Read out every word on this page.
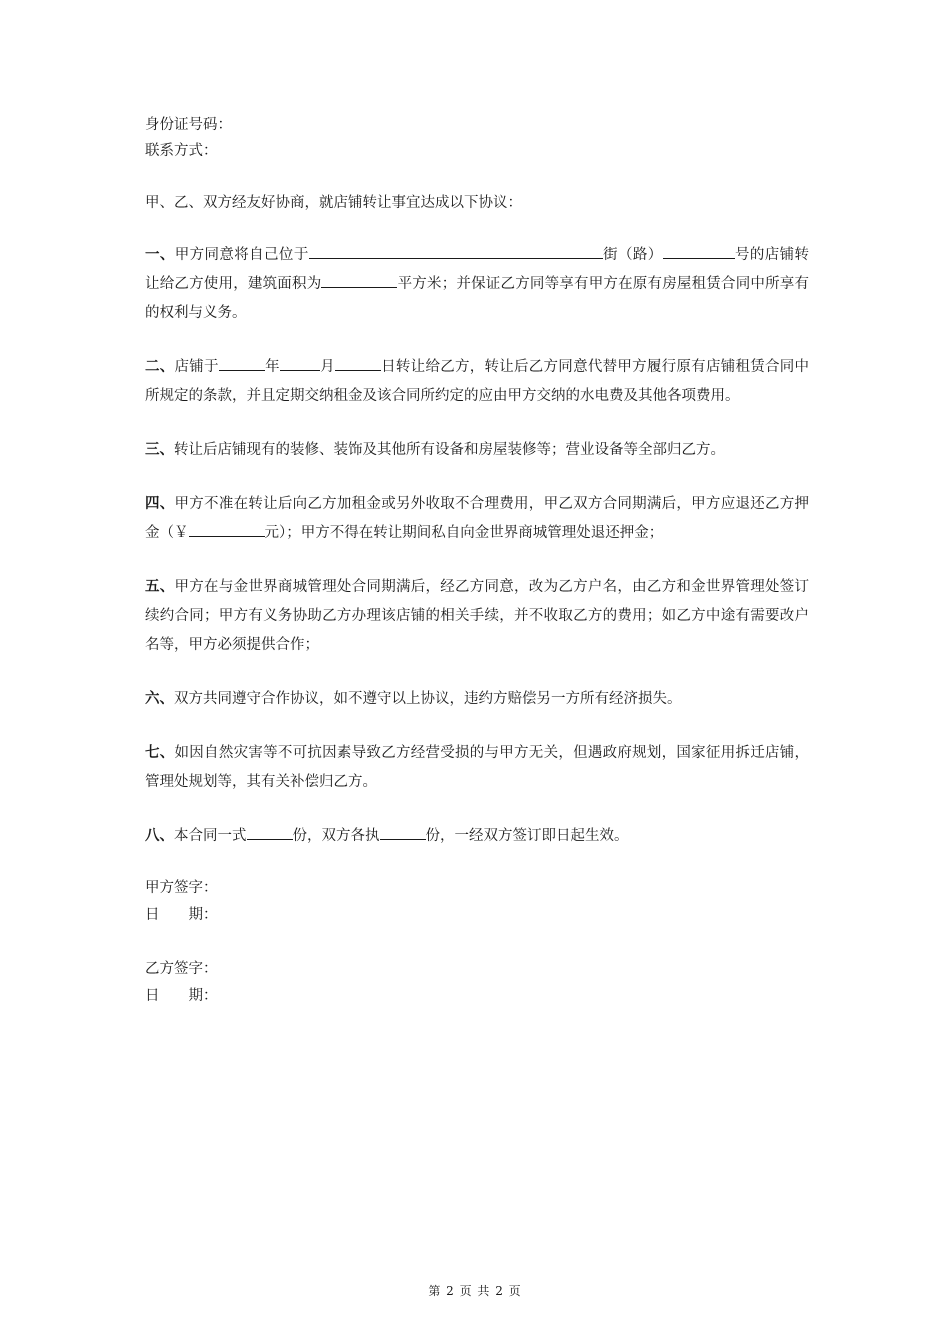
身份证号码：
联系方式：
甲、乙、双方经友好协商，就店铺转让事宜达成以下协议：

一、甲方同意将自己位于	街（路）	号的店铺转让给乙方使用，建筑面积为	平方米；并保证乙方同等享有甲方在原有房屋租赁合同中所享有的权利与义务。

二、店铺于	年	月	日转让给乙方，转让后乙方同意代替甲方履行原有店铺租赁合同中所规定的条款，并且定期交纳租金及该合同所约定的应由甲方交纳的水电费及其他各项费用。

三、转让后店铺现有的装修、装饰及其他所有设备和房屋装修等；营业设备等全部归乙方。

四、甲方不准在转让后向乙方加租金或另外收取不合理费用，甲乙双方合同期满后，甲方应退还乙方押金（￥	元）；甲方不得在转让期间私自向金世界商城管理处退还押金；

五、甲方在与金世界商城管理处合同期满后，经乙方同意，改为乙方户名，由乙方和金世界管理处签订续约合同；甲方有义务协助乙方办理该店铺的相关手续，并不收取乙方的费用；如乙方中途有需要改户名等，甲方必须提供合作；

六、双方共同遵守合作协议，如不遵守以上协议，违约方赔偿另一方所有经济损失。

七、如因自然灾害等不可抗因素导致乙方经营受损的与甲方无关，但遇政府规划，国家征用拆迁店铺，管理处规划等，其有关补偿归乙方。

八、本合同一式	份，双方各执	份，一经双方签订即日起生效。

甲方签字：
日　　期：
乙方签字：
日　　期：
第 2 页 共 2 页
